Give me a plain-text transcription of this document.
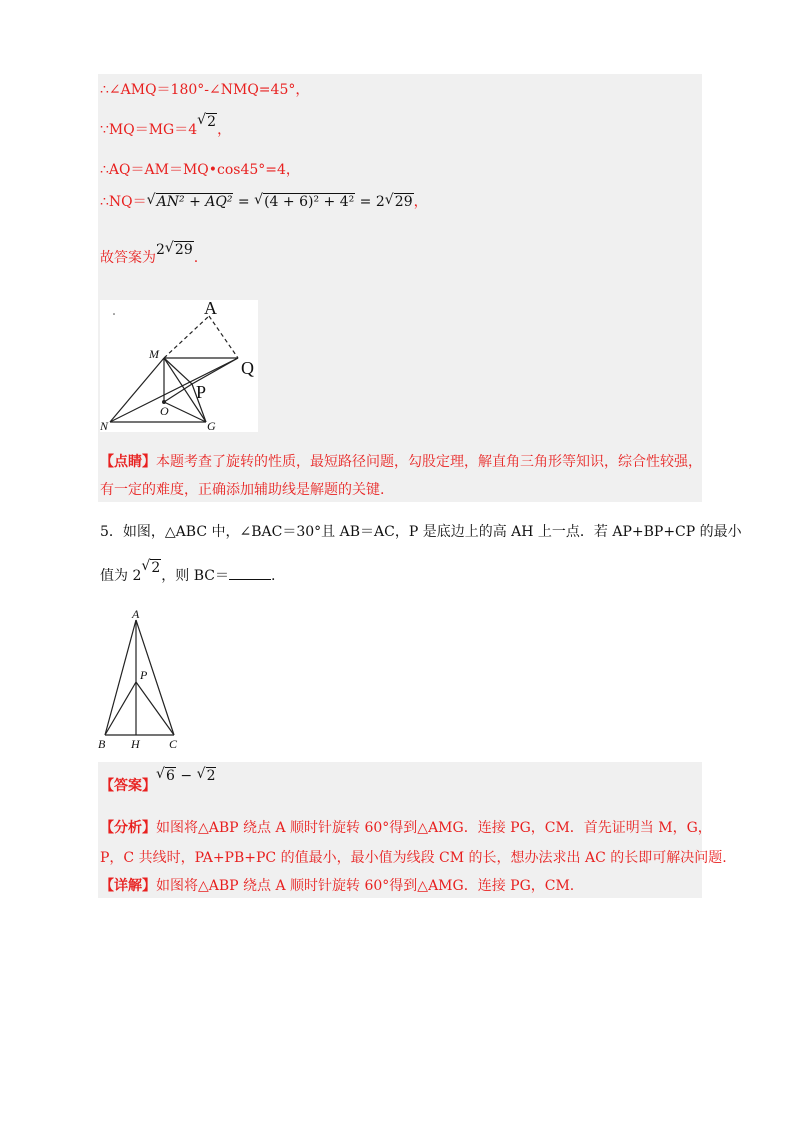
∴∠AMQ＝180°-∠NMQ=45°，
∵MQ＝MG＝4 √ 2，
∴AQ＝AM＝MQ•cos45°=4，
∴NQ＝ √ AN² + AQ² = √ (4 + 6)² + 4² = 2 √ 29，
故答案为2 √ 29.
A
M
Q
P
O
N	G
【点睛】本题考查了旋转的性质，最短路径问题，勾股定理，解直角三角形等知识，综合性较强，
有一定的难度，正确添加辅助线是解题的关键.
5．如图，△ABC 中，∠BAC＝30°且 AB＝AC，P 是底边上的高 AH 上一点．若 AP+BP+CP 的最小
值为 2 √ 2，则 BC＝	.
A
P
B H C
【答案】√ 6 − √ 2
【分析】如图将△ABP 绕点 A 顺时针旋转 60°得到△AMG．连接 PG，CM．首先证明当 M，G，
P，C 共线时，PA+PB+PC 的值最小，最小值为线段 CM 的长，想办法求出 AC 的长即可解决问题.
【详解】如图将△ABP 绕点 A 顺时针旋转 60°得到△AMG．连接 PG，CM.
